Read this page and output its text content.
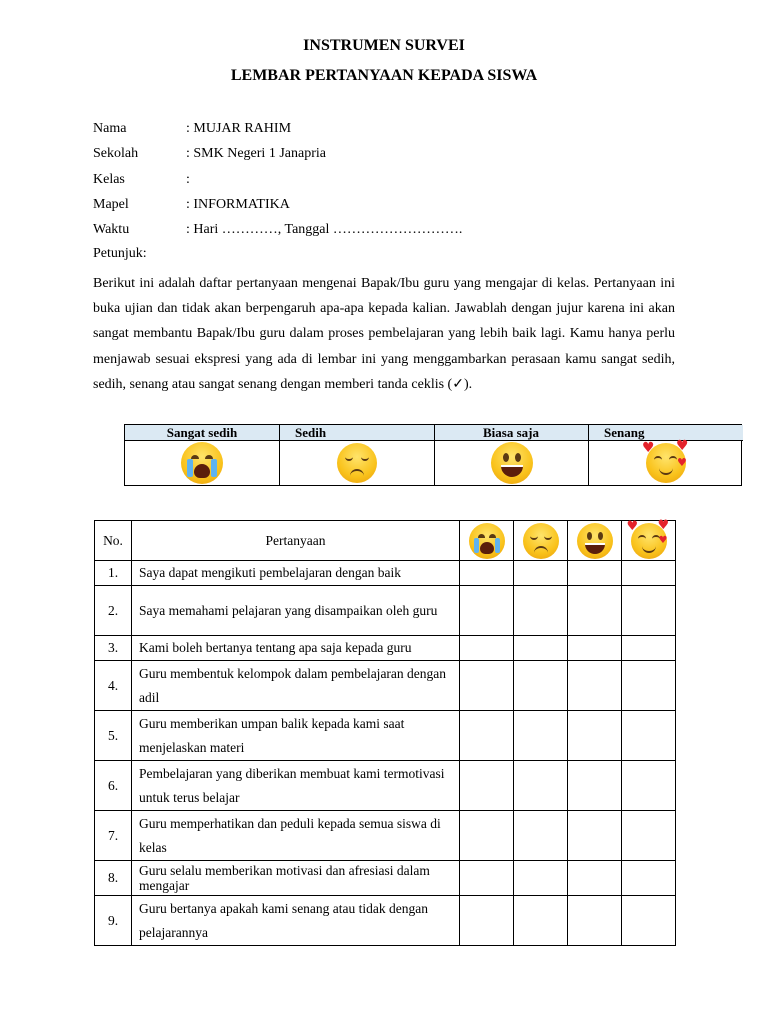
INSTRUMEN SURVEI
LEMBAR PERTANYAAN KEPADA SISWA
Nama	: MUJAR RAHIM
Sekolah	: SMK Negeri 1 Janapria
Kelas	:
Mapel	: INFORMATIKA
Waktu	: Hari …………, Tanggal ……………………….
Petunjuk:
Berikut ini adalah daftar pertanyaan mengenai Bapak/Ibu guru yang mengajar di kelas. Pertanyaan ini buka ujian dan tidak akan berpengaruh apa-apa kepada kalian. Jawablah dengan jujur karena ini akan sangat membantu Bapak/Ibu guru dalam proses pembelajaran yang lebih baik lagi. Kamu hanya perlu menjawab sesuai ekspresi yang ada di lembar ini yang menggambarkan perasaan kamu sangat sedih, sedih, senang atau sangat senang dengan memberi tanda ceklis (✓).
Sangat sedih	Sedih	Biasa saja	Senang
♥ ♥
♥
No.	Pertanyaan				♥ ♥
♥

1.	Saya dapat mengikuti pembelajaran dengan baik				
2.	Saya memahami pelajaran yang disampaikan oleh guru				
3.	Kami boleh bertanya tentang apa saja kepada guru				
4.	Guru membentuk kelompok dalam pembelajaran dengan adil				
5.	Guru memberikan umpan balik kepada kami saat menjelaskan materi				
6.	Pembelajaran yang diberikan membuat kami termotivasi untuk terus belajar				
7.	Guru memperhatikan dan peduli kepada semua siswa di kelas				
8.	Guru selalu memberikan motivasi dan afresiasi dalam mengajar				
9.	Guru bertanya apakah kami senang atau tidak dengan pelajarannya				
